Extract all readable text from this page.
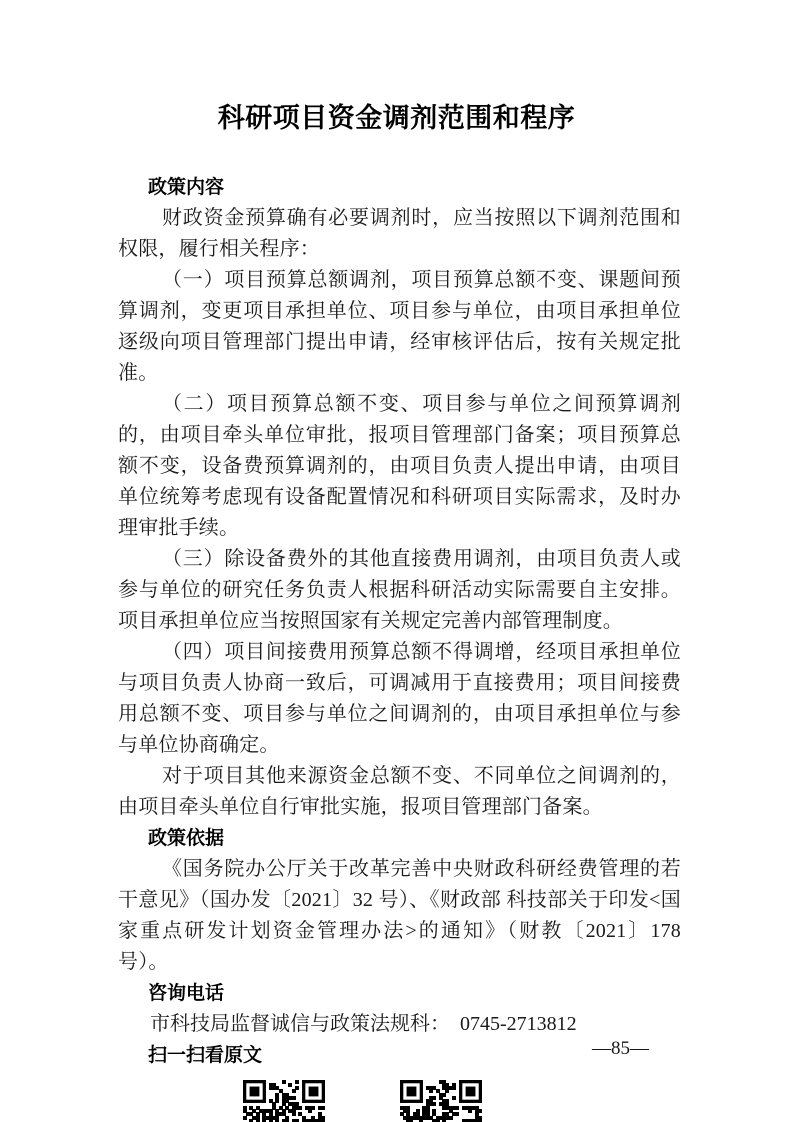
科研项目资金调剂范围和程序
政策内容

财政资金预算确有必要调剂时，应当按照以下调剂范围和权限，履行相关程序：

（一）项目预算总额调剂，项目预算总额不变、课题间预算调剂，变更项目承担单位、项目参与单位，由项目承担单位逐级向项目管理部门提出申请，经审核评估后，按有关规定批准。

（二）项目预算总额不变、项目参与单位之间预算调剂的，由项目牵头单位审批，报项目管理部门备案；项目预算总额不变，设备费预算调剂的，由项目负责人提出申请，由项目单位统筹考虑现有设备配置情况和科研项目实际需求，及时办理审批手续。

（三）除设备费外的其他直接费用调剂，由项目负责人或参与单位的研究任务负责人根据科研活动实际需要自主安排。项目承担单位应当按照国家有关规定完善内部管理制度。

（四）项目间接费用预算总额不得调增，经项目承担单位与项目负责人协商一致后，可调减用于直接费用；项目间接费用总额不变、项目参与单位之间调剂的，由项目承担单位与参与单位协商确定。

对于项目其他来源资金总额不变、不同单位之间调剂的，由项目牵头单位自行审批实施，报项目管理部门备案。

政策依据

《国务院办公厅关于改革完善中央财政科研经费管理的若干意见》（国办发〔2021〕32 号）、《财政部 科技部关于印发<国家重点研发计划资金管理办法>的通知》（财教〔2021〕178 号）。

咨询电话

市科技局监督诚信与政策法规科：  0745-2713812

扫一扫看原文	—85—
